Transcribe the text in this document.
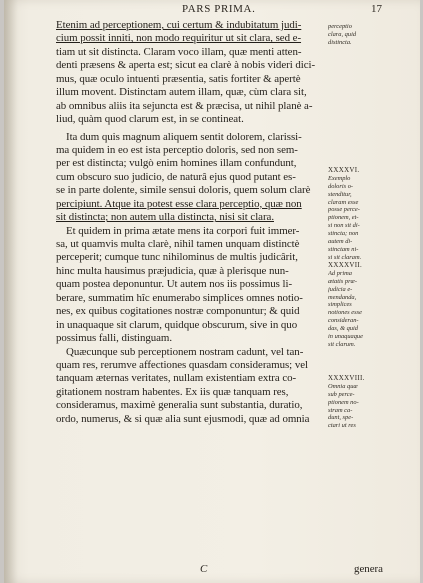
PARS PRIMA.	17
Etenim ad perceptionem, cui certum & indubitatum judi-
cium possit inniti, non modo requiritur ut sit clara, sed e-
tiam ut sit distincta. Claram voco illam, quæ menti atten-
denti præsens & aperta est; sicut ea clarè à nobis videri dici-
mus, quæ oculo intuenti præsentia, satis fortiter & apertè
illum movent. Distinctam autem illam, quæ, cùm clara sit,
ab omnibus aliis ita sejuncta est & præcisa, ut nihil planè a-
liud, quàm quod clarum est, in se contineat.
Ita dum quis magnum aliquem sentit dolorem, clarissi-
ma quidem in eo est ista perceptio doloris, sed non sem-
per est distincta; vulgò enim homines illam confundunt,
cum obscuro suo judicio, de naturâ ejus quod putant es-
se in parte dolente, simile sensui doloris, quem solum clarè
percipiunt. Atque ita potest esse clara perceptio, quæ non
sit distincta; non autem ulla distincta, nisi sit clara.
Et quidem in prima ætate mens ita corpori fuit immer-
sa, ut quamvis multa clarè, nihil tamen unquam distinctè
perceperit; cumque tunc nihilominus de multis judicârit,
hinc multa hausimus præjudicia, quæ à plerisque nun-
quam postea deponuntur. Ut autem nos iis possimus li-
berare, summatim hîc enumerabo simplices omnes notio-
nes, ex quibus cogitationes nostræ componuntur; & quid
in unaquaque sit clarum, quidque obscurum, sive in quo
possimus falli, distinguam.
Quæcunque sub perceptionem nostram cadunt, vel tan-
quam res, rerumve affectiones quasdam consideramus; vel
tanquam æternas veritates, nullam existentiam extra co-
gitationem nostram habentes. Ex iis quæ tanquam res,
consideramus, maximè generalia sunt substantia, duratio,
ordo, numerus, & si quæ alia sunt ejusmodi, quæ ad omnia
perceptio
clara, quid
distincta.
XXXXVI.
Exemplo
doloris o-
stenditur,
claram esse
posse perce-
ptionem, et-
si non sit di-
stincta; non
autem di-
stinctam ni-
si sit claram.
XXXXVII.
Ad prima
ætatis præ-
judicia e-
mendanda,
simplices
notiones esse
consideran-
das, & quid
in unaquaque
sit clarum.
XXXXVIII.
Omnia quæ
sub perce-
ptionem no-
stram ca-
dunt, spe-
ctari ut res
C	genera
